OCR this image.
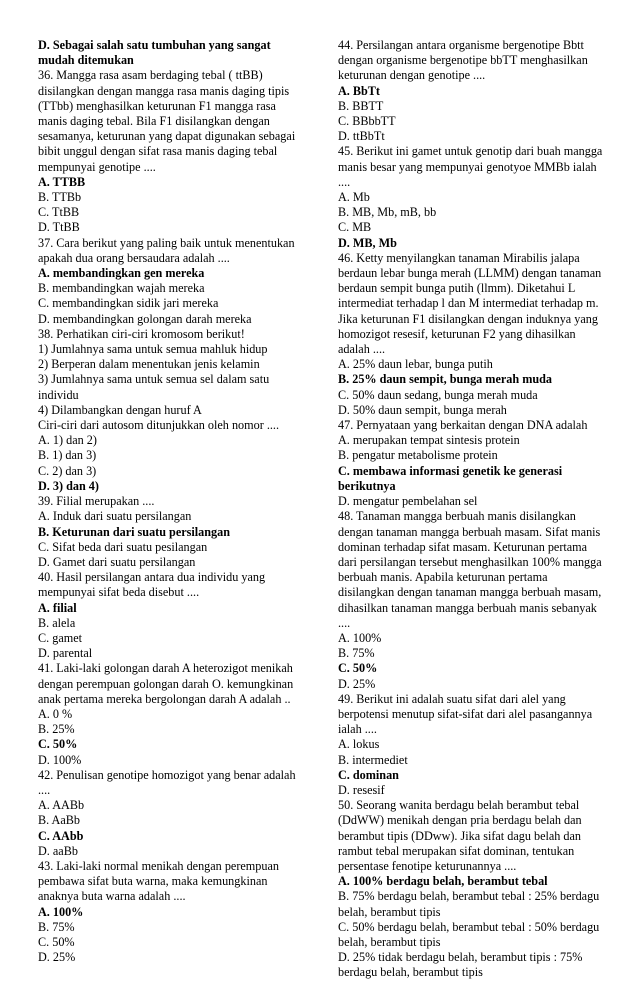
D. Sebagai salah satu tumbuhan yang sangat mudah ditemukan
36. Mangga rasa asam berdaging tebal ( ttBB) disilangkan dengan mangga rasa manis daging tipis (TTbb) menghasilkan keturunan F1 mangga rasa manis daging tebal. Bila F1 disilangkan dengan sesamanya, keturunan yang dapat digunakan sebagai bibit unggul dengan sifat rasa manis daging tebal mempunyai genotipe ....
A. TTBB
B. TTBb
C. TtBB
D. TtBB
37. Cara berikut yang paling baik untuk menentukan apakah dua orang bersaudara adalah ....
A. membandingkan gen mereka
B. membandingkan wajah mereka
C. membandingkan sidik jari mereka
D. membandingkan golongan darah mereka
38. Perhatikan ciri-ciri kromosom berikut!
1) Jumlahnya sama untuk semua mahluk hidup
2) Berperan dalam menentukan jenis kelamin
3) Jumlahnya sama untuk semua sel dalam satu individu
4) Dilambangkan dengan huruf A
Ciri-ciri dari autosom ditunjukkan oleh nomor ....
A. 1) dan 2)
B. 1) dan 3)
C. 2) dan 3)
D. 3) dan 4)
39. Filial merupakan ....
A. Induk dari suatu persilangan
B. Keturunan dari suatu persilangan
C. Sifat beda dari suatu pesilangan
D. Gamet dari suatu persilangan
40. Hasil persilangan antara dua individu yang mempunyai sifat beda disebut ....
A. filial
B. alela
C. gamet
D. parental
41. Laki-laki golongan darah A heterozigot menikah dengan perempuan golongan darah O. kemungkinan anak pertama mereka bergolongan darah A adalah ..
A. 0 %
B. 25%
C. 50%
D. 100%
42. Penulisan genotipe homozigot yang benar adalah ....
A. AABb
B. AaBb
C. AAbb
D. aaBb
43. Laki-laki normal menikah dengan perempuan pembawa sifat buta warna, maka kemungkinan anaknya buta warna adalah ....
A. 100%
B. 75%
C. 50%
D. 25%
44. Persilangan antara organisme bergenotipe Bbtt dengan organisme bergenotipe bbTT menghasilkan keturunan dengan genotipe ....
A. BbTt
B. BBTT
C. BBbbTT
D. ttBbTt
45. Berikut ini gamet untuk genotip dari buah mangga manis besar yang mempunyai genotyoe MMBb ialah ....
A. Mb
B. MB, Mb, mB, bb
C. MB
D. MB, Mb
46. Ketty menyilangkan tanaman Mirabilis jalapa berdaun lebar bunga merah (LLMM) dengan tanaman berdaun sempit bunga putih (llmm). Diketahui L intermediat terhadap l dan M intermediat terhadap m. Jika keturunan F1 disilangkan dengan induknya yang homozigot resesif, keturunan F2 yang dihasilkan adalah ....
A. 25% daun lebar, bunga putih
B. 25% daun sempit, bunga merah muda
C. 50% daun sedang, bunga merah muda
D. 50% daun sempit, bunga merah
47. Pernyataan yang berkaitan dengan DNA adalah
A. merupakan tempat sintesis protein
B. pengatur metabolisme protein
C. membawa informasi genetik ke generasi berikutnya
D. mengatur pembelahan sel
48. Tanaman mangga berbuah manis disilangkan dengan tanaman mangga berbuah masam. Sifat manis dominan terhadap sifat masam. Keturunan pertama dari persilangan tersebut menghasilkan 100% mangga berbuah manis. Apabila keturunan pertama disilangkan dengan tanaman mangga berbuah masam, dihasilkan tanaman mangga berbuah manis sebanyak ....
A. 100%
B. 75%
C. 50%
D. 25%
49. Berikut ini adalah suatu sifat dari alel yang berpotensi menutup sifat-sifat dari alel pasangannya ialah ....
A. lokus
B. intermediet
C. dominan
D. resesif
50. Seorang wanita berdagu belah berambut tebal (DdWW) menikah dengan pria berdagu belah dan berambut tipis (DDww). Jika sifat dagu belah dan rambut tebal merupakan sifat dominan, tentukan persentase fenotipe keturunannya ....
A. 100% berdagu belah, berambut tebal
B. 75% berdagu belah, berambut tebal : 25% berdagu belah, berambut tipis
C. 50% berdagu belah, berambut tebal : 50% berdagu belah, berambut tipis
D. 25% tidak berdagu belah, berambut tipis : 75% berdagu belah, berambut tipis
